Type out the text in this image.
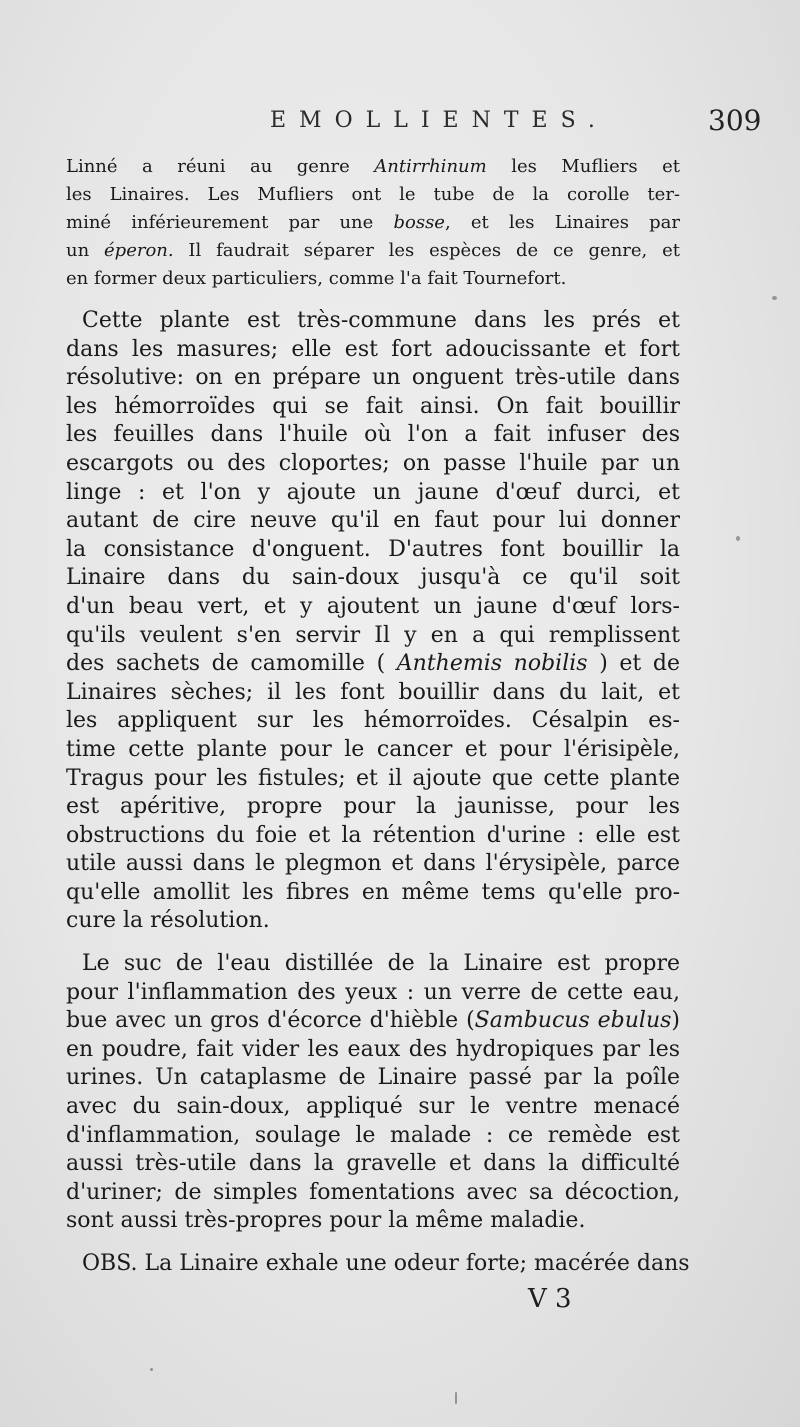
EMOLLIENTES.	309
Linné a réuni au genre Antirrhinum les Mufliers et
les Linaires. Les Mufliers ont le tube de la corolle ter-
miné inférieurement par une bosse, et les Linaires par
un éperon. Il faudrait séparer les espèces de ce genre, et
en former deux particuliers, comme l'a fait Tournefort.
Cette plante est très-commune dans les prés et
dans les masures; elle est fort adoucissante et fort
résolutive: on en prépare un onguent très-utile dans
les hémorroïdes qui se fait ainsi. On fait bouillir
les feuilles dans l'huile où l'on a fait infuser des
escargots ou des cloportes; on passe l'huile par un
linge : et l'on y ajoute un jaune d'œuf durci, et
autant de cire neuve qu'il en faut pour lui donner
la consistance d'onguent. D'autres font bouillir la
Linaire dans du sain-doux jusqu'à ce qu'il soit
d'un beau vert, et y ajoutent un jaune d'œuf lors-
qu'ils veulent s'en servir Il y en a qui remplissent
des sachets de camomille ( Anthemis nobilis ) et de
Linaires sèches; il les font bouillir dans du lait, et
les appliquent sur les hémorroïdes. Césalpin es-
time cette plante pour le cancer et pour l'érisipèle,
Tragus pour les fistules; et il ajoute que cette plante
est apéritive, propre pour la jaunisse, pour les
obstructions du foie et la rétention d'urine : elle est
utile aussi dans le plegmon et dans l'érysipèle, parce
qu'elle amollit les fibres en même tems qu'elle pro-
cure la résolution.
Le suc de l'eau distillée de la Linaire est propre
pour l'inflammation des yeux : un verre de cette eau,
bue avec un gros d'écorce d'hièble (Sambucus ebulus)
en poudre, fait vider les eaux des hydropiques par les
urines. Un cataplasme de Linaire passé par la poîle
avec du sain-doux, appliqué sur le ventre menacé
d'inflammation, soulage le malade : ce remède est
aussi très-utile dans la gravelle et dans la difficulté
d'uriner; de simples fomentations avec sa décoction,
sont aussi très-propres pour la même maladie.
OBS. La Linaire exhale une odeur forte; macérée dans
V 3
